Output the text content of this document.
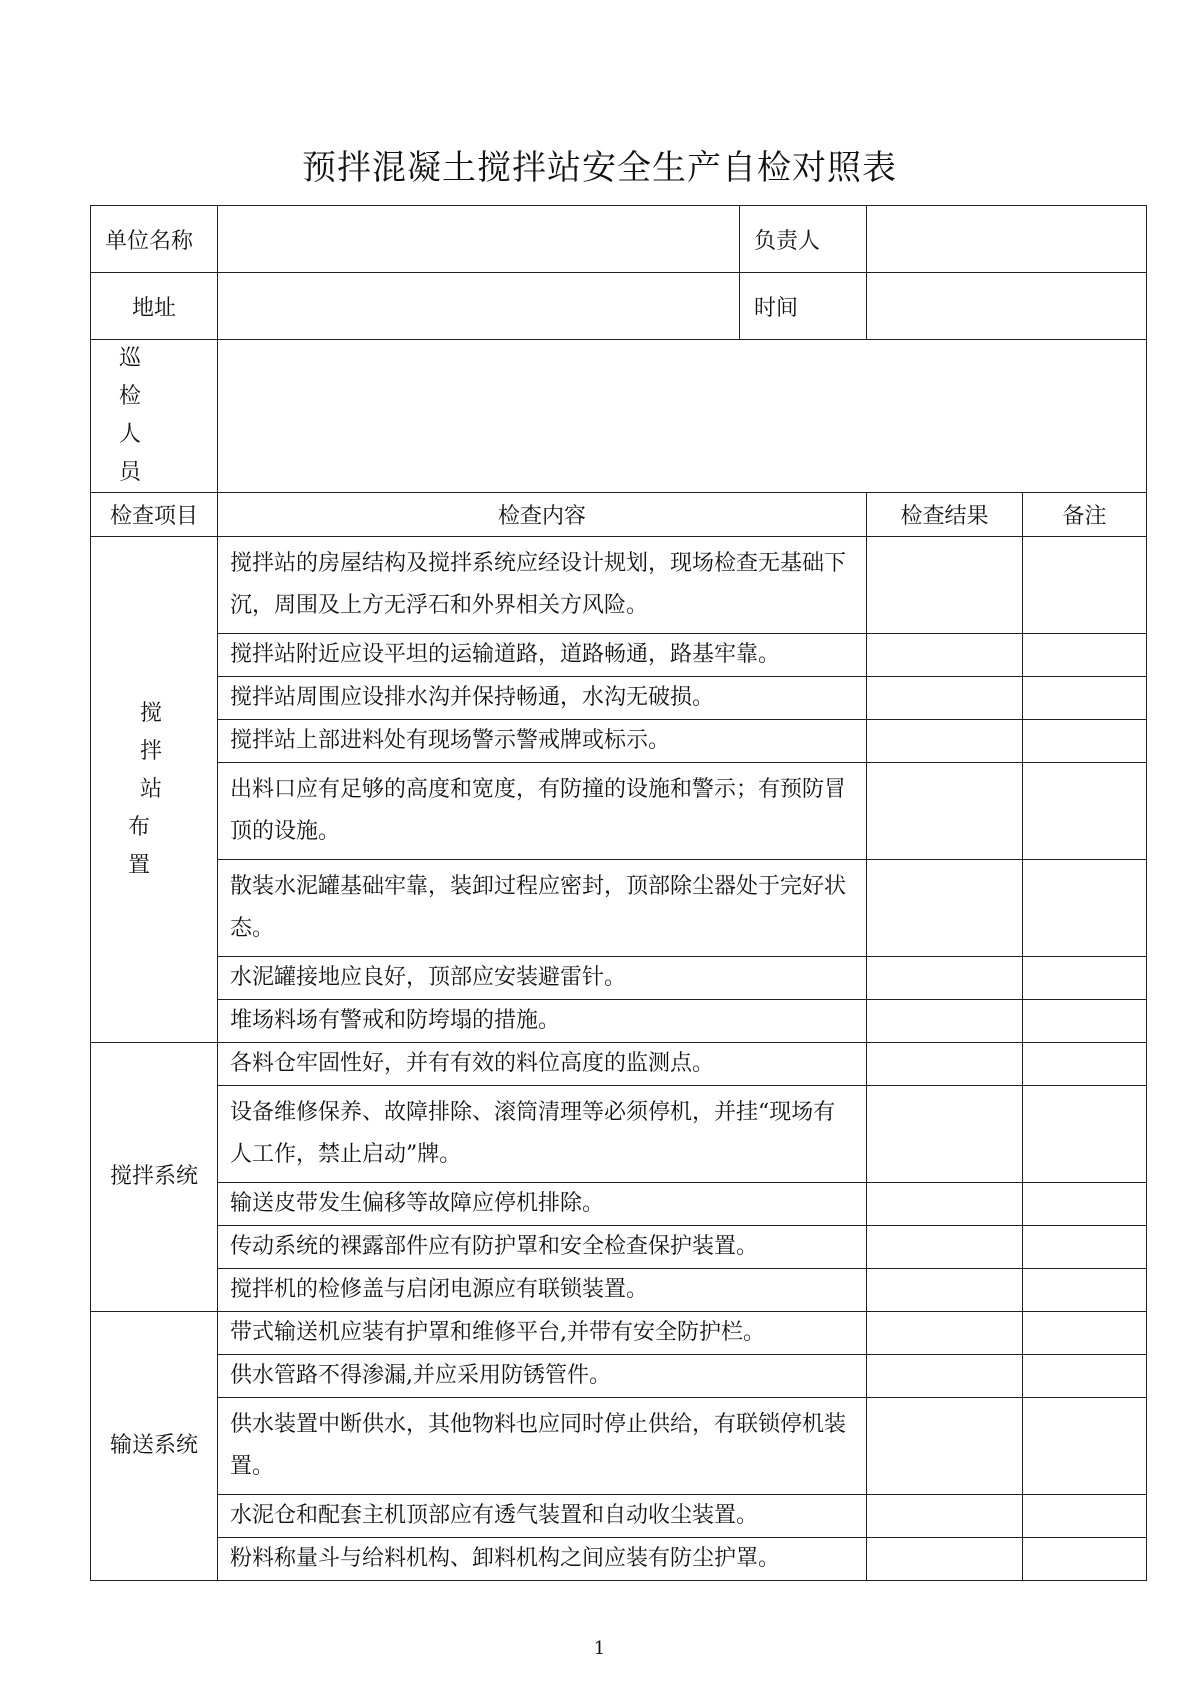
预拌混凝土搅拌站安全生产自检对照表
单位名称		负责人		
地址		时间		

巡 检
人 员				

检查项目	检查内容		检查结果	备注

搅 拌 站
布 置	搅拌站的房屋结构及搅拌系统应经设计规划，现场检查无基础下沉，周围及上方无浮石和外界相关方风险。			
	搅拌站附近应设平坦的运输道路，道路畅通，路基牢靠。			
	搅拌站周围应设排水沟并保持畅通，水沟无破损。			
	搅拌站上部进料处有现场警示警戒牌或标示。			
	出料口应有足够的高度和宽度，有防撞的设施和警示；有预防冒顶的设施。			
	散装水泥罐基础牢靠，装卸过程应密封，顶部除尘器处于完好状态。			
	水泥罐接地应良好，顶部应安装避雷针。			
	堆场料场有警戒和防垮塌的措施。			

搅拌系统	各料仓牢固性好，并有有效的料位高度的监测点。			
	设备维修保养、故障排除、滚筒清理等必须停机，并挂“现场有人工作，禁止启动”牌。			
	输送皮带发生偏移等故障应停机排除。			
	传动系统的裸露部件应有防护罩和安全检查保护装置。			
	搅拌机的检修盖与启闭电源应有联锁装置。			

输送系统	带式输送机应装有护罩和维修平台,并带有安全防护栏。			
	供水管路不得渗漏,并应采用防锈管件。			
	供水装置中断供水，其他物料也应同时停止供给，有联锁停机装置。			
	水泥仓和配套主机顶部应有透气装置和自动收尘装置。			
	粉料称量斗与给料机构、卸料机构之间应装有防尘护罩。			
1
